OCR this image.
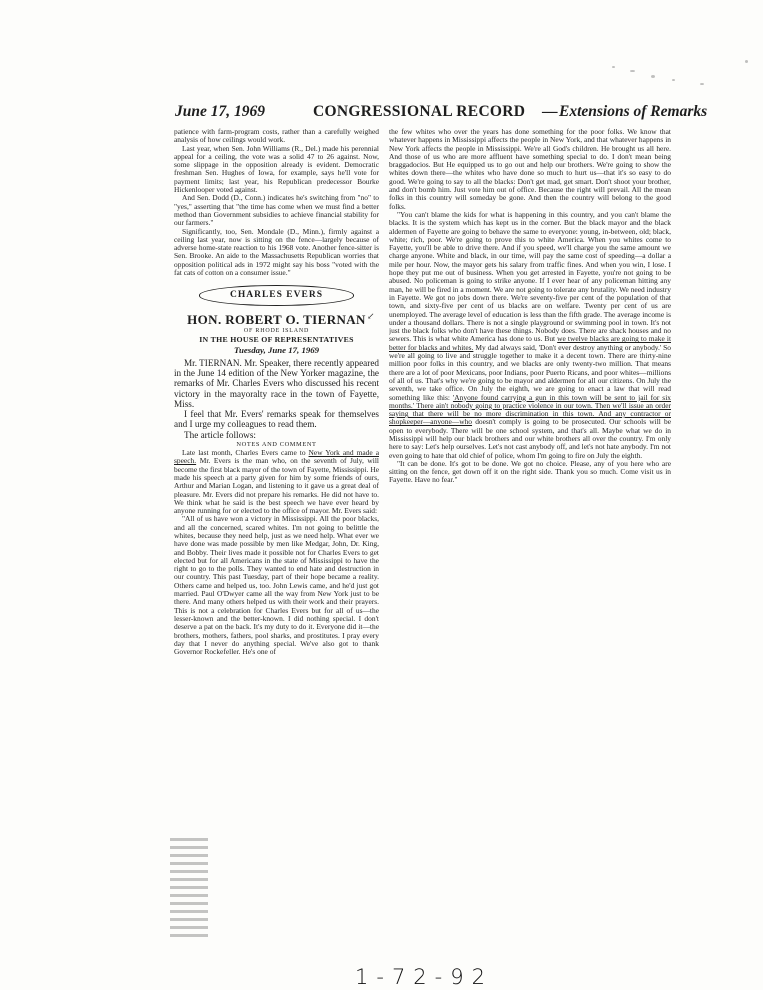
June 17, 1969	CONGRESSIONAL RECORD — Extensions of Remarks

patience with farm-program costs, rather than a carefully weighed analysis of how ceilings would work.

Last year, when Sen. John Williams (R., Del.) made his perennial appeal for a ceiling, the vote was a solid 47 to 26 against. Now, some slippage in the opposition already is evident. Democratic freshman Sen. Hughes of Iowa, for example, says he'll vote for payment limits; last year, his Republican predecessor Bourke Hickenlooper voted against.

And Sen. Dodd (D., Conn.) indicates he's switching from "no" to "yes," asserting that "the time has come when we must find a better method than Government subsidies to achieve financial stability for our farmers."

Significantly, too, Sen. Mondale (D., Minn.), firmly against a ceiling last year, now is sitting on the fence—largely because of adverse home-state reaction to his 1968 vote. Another fence-sitter is Sen. Brooke. An aide to the Massachusetts Republican worries that opposition political ads in 1972 might say his boss "voted with the fat cats of cotton on a consumer issue."

CHARLES EVERS
HON. ROBERT O. TIERNAN
OF RHODE ISLAND
IN THE HOUSE OF REPRESENTATIVES
Tuesday, June 17, 1969

Mr. TIERNAN. Mr. Speaker, there recently appeared in the June 14 edition of the New Yorker magazine, the remarks of Mr. Charles Evers who discussed his recent victory in the mayoralty race in the town of Fayette, Miss.

I feel that Mr. Evers' remarks speak for themselves and I urge my colleagues to read them.

The article follows:

NOTES AND COMMENT

Late last month, Charles Evers came to New York and made a speech. Mr. Evers is the man who, on the seventh of July, will become the first black mayor of the town of Fayette, Mississippi. He made his speech at a party given for him by some friends of ours, Arthur and Marian Logan, and listening to it gave us a great deal of pleasure. Mr. Evers did not prepare his remarks. He did not have to. We think what he said is the best speech we have ever heard by anyone running for or elected to the office of mayor. Mr. Evers said:

"All of us have won a victory in Mississippi. All the poor blacks, and all the concerned, scared whites. I'm not going to belittle the whites, because they need help, just as we need help. What ever we have done was made possible by men like Medgar, John, Dr. King, and Bobby. Their lives made it possible not for Charles Evers to get elected but for all Americans in the state of Mississippi to have the right to go to the polls. They wanted to end hate and destruction in our country. This past Tuesday, part of their hope became a reality. Others came and helped us, too. John Lewis came, and he'd just got married. Paul O'Dwyer came all the way from New York just to be there. And many others helped us with their work and their prayers. This is not a celebration for Charles Evers but for all of us—the lesser-known and the better-known. I did nothing special. I don't deserve a pat on the back. It's my duty to do it. Everyone did it—the brothers, mothers, fathers, pool sharks, and prostitutes. I pray every day that I never do anything special. We've also got to thank Governor Rockefeller. He's one of

↙

the few whites who over the years has done something for the poor folks. We know that whatever happens in Mississippi affects the people in New York, and that whatever happens in New York affects the people in Mississippi. We're all God's children. He brought us all here. And those of us who are more affluent have something special to do. I don't mean being braggadocios. But He equipped us to go out and help our brothers. We're going to show the whites down there—the whites who have done so much to hurt us—that it's so easy to do good. We're going to say to all the blacks: Don't get mad, get smart. Don't shoot your brother, and don't bomb him. Just vote him out of office. Because the right will prevail. All the mean folks in this country will someday be gone. And then the country will belong to the good folks.

"You can't blame the kids for what is happening in this country, and you can't blame the blacks. It is the system which has kept us in the corner. But the black mayor and the black aldermen of Fayette are going to behave the same to everyone: young, in-between, old; black, white; rich, poor. We're going to prove this to white America. When you whites come to Fayette, you'll be able to drive there. And if you speed, we'll charge you the same amount we charge anyone. White and black, in our time, will pay the same cost of speeding—a dollar a mile per hour. Now, the mayor gets his salary from traffic fines. And when you win, I lose. I hope they put me out of business. When you get arrested in Fayette, you're not going to be abused. No policeman is going to strike anyone. If I ever hear of any policeman hitting any man, he will be fired in a moment. We are not going to tolerate any brutality. We need industry in Fayette. We got no jobs down there. We're seventy-five per cent of the population of that town, and sixty-five per cent of us blacks are on welfare. Twenty per cent of us are unemployed. The average level of education is less than the fifth grade. The average income is under a thousand dollars. There is not a single playground or swimming pool in town. It's not just the black folks who don't have these things. Nobody does. There are shack houses and no sewers. This is what white America has done to us. But we twelve blacks are going to make it better for blacks and whites. My dad always said, 'Don't ever destroy anything or anybody.' So we're all going to live and struggle together to make it a decent town. There are thirty-nine million poor folks in this country, and we blacks are only twenty-two million. That means there are a lot of poor Mexicans, poor Indians, poor Puerto Ricans, and poor whites—millions of all of us. That's why we're going to be mayor and aldermen for all our citizens. On July the seventh, we take office. On July the eighth, we are going to enact a law that will read something like this: 'Anyone found carrying a gun in this town will be sent to jail for six months.' There ain't nobody going to practice violence in our town. Then we'll issue an order saying that there will be no more discrimination in this town. And any contractor or shopkeeper—anyone—who doesn't comply is going to be prosecuted. Our schools will be open to everybody. There will be one school system, and that's all. Maybe what we do in Mississippi will help our black brothers and our white brothers all over the country. I'm only here to say: Let's help ourselves. Let's not cast anybody off, and let's not hate anybody. I'm not even going to hate that old chief of police, whom I'm going to fire on July the eighth.

"It can be done. It's got to be done. We got no choice. Please, any of you here who are sitting on the fence, get down off it on the right side. Thank you so much. Come visit us in Fayette. Have no fear."

1-72-92
